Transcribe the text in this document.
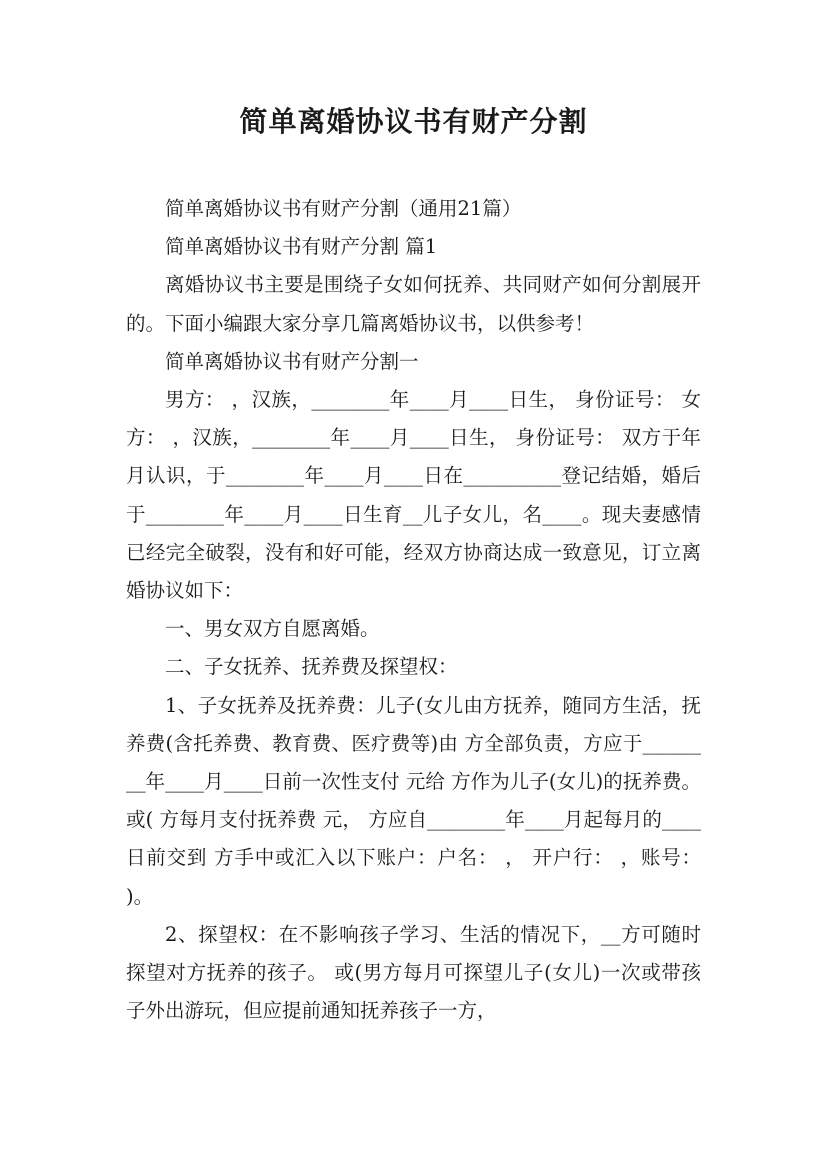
简单离婚协议书有财产分割

简单离婚协议书有财产分割（通用21篇）

简单离婚协议书有财产分割 篇1

离婚协议书主要是围绕子女如何抚养、共同财产如何分割展开的。下面小编跟大家分享几篇离婚协议书，以供参考！

简单离婚协议书有财产分割一

男方： ，汉族，________年____月____日生， 身份证号： 女方： ，汉族，________年____月____日生， 身份证号： 双方于年月认识，于________年____月____日在__________登记结婚，婚后于________年____月____日生育__儿子女儿，名____。现夫妻感情已经完全破裂，没有和好可能，经双方协商达成一致意见，订立离婚协议如下：

一、男女双方自愿离婚。

二、子女抚养、抚养费及探望权：

1、子女抚养及抚养费：儿子(女儿由方抚养，随同方生活，抚养费(含托养费、教育费、医疗费等)由 方全部负责，方应于________年____月____日前一次性支付 元给 方作为儿子(女儿)的抚养费。 或( 方每月支付抚养费 元， 方应自________年____月起每月的____日前交到 方手中或汇入以下账户：户名： ， 开户行： ，账号： )。

2、探望权：在不影响孩子学习、生活的情况下，__方可随时探望对方抚养的孩子。 或(男方每月可探望儿子(女儿)一次或带孩子外出游玩，但应提前通知抚养孩子一方，
